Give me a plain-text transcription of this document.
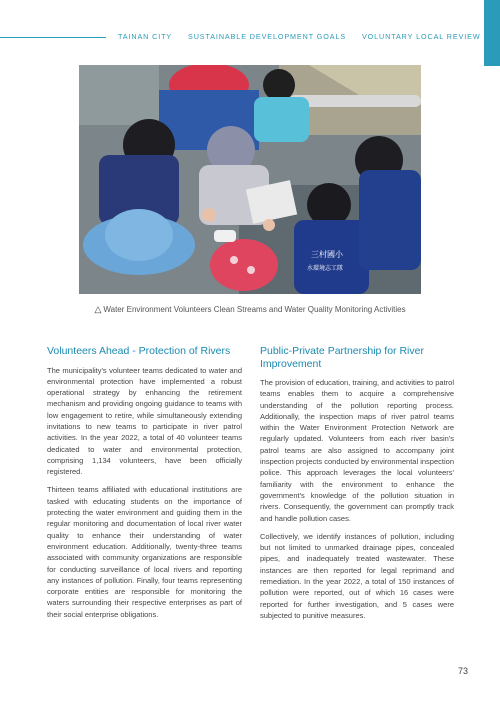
TAINAN CITY SUSTAINABLE DEVELOPMENT GOALS VOLUNTARY LOCAL REVIEW
三村國小
水環境志工隊
△ Water Environment Volunteers Clean Streams and Water Quality Monitoring Activities
Volunteers Ahead - Protection of Rivers

The municipality's volunteer teams dedicated to water and environmental protection have implemented a robust operational strategy by enhancing the retirement mechanism and providing ongoing guidance to teams with low engagement to retire, while simultaneously extending invitations to new teams to participate in river patrol activities. In the year 2022, a total of 40 volunteer teams dedicated to water and environmental protection, comprising 1,134 volunteers, have been officially registered.

Thirteen teams affiliated with educational institutions are tasked with educating students on the importance of protecting the water environment and guiding them in the regular monitoring and documentation of local river water quality to enhance their understanding of water environment education. Additionally, twenty-three teams associated with community organizations are responsible for conducting surveillance of local rivers and reporting any instances of pollution. Finally, four teams representing corporate entities are responsible for monitoring the waters surrounding their respective enterprises as part of their social enterprise obligations.

Public-Private Partnership for River Improvement

The provision of education, training, and activities to patrol teams enables them to acquire a comprehensive understanding of the pollution reporting process. Additionally, the inspection maps of river patrol teams within the Water Environment Protection Network are regularly updated. Volunteers from each river basin's patrol teams are also assigned to accompany joint inspection projects conducted by environmental inspection police. This approach leverages the local volunteers' familiarity with the environment to enhance the government's knowledge of the pollution situation in rivers. Consequently, the government can promptly track and handle pollution cases.

Collectively, we identify instances of pollution, including but not limited to unmarked drainage pipes, concealed pipes, and inadequately treated wastewater. These instances are then reported for legal reprimand and remediation. In the year 2022, a total of 150 instances of pollution were reported, out of which 16 cases were reported for further investigation, and 5 cases were subjected to punitive measures.

73
